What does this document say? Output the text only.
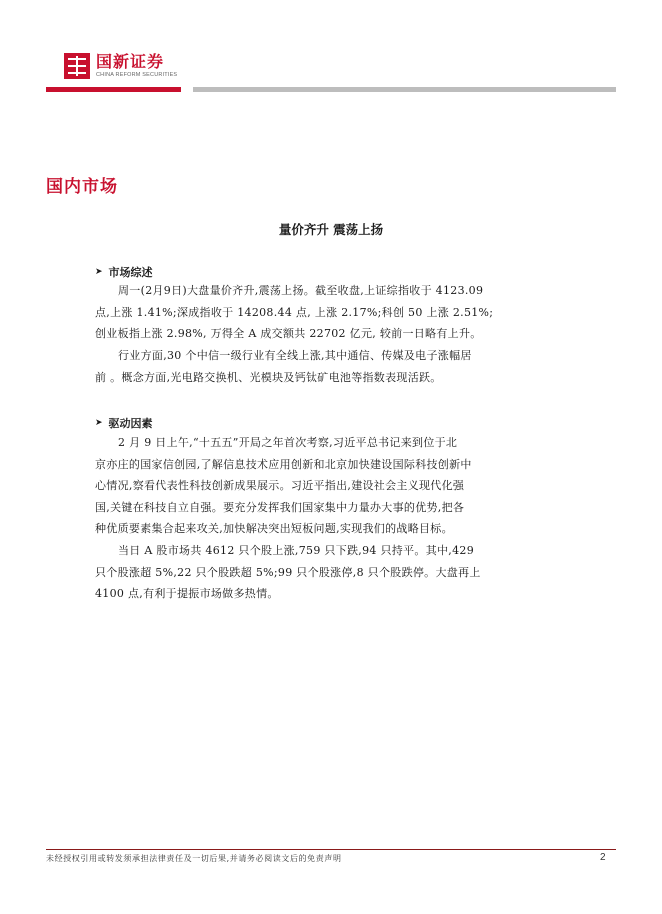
国新证券
CHINA REFORM SECURITIES
国内市场
量价齐升 震荡上扬
➤ 市场综述
周一(2月9日)大盘量价齐升,震荡上扬。截至收盘,上证综指收于 4123.09
点,上涨 1.41%;深成指收于 14208.44 点, 上涨 2.17%;科创 50 上涨 2.51%;
创业板指上涨 2.98%, 万得全 A 成交额共 22702 亿元, 较前一日略有上升。
行业方面,30 个中信一级行业有全线上涨,其中通信、传媒及电子涨幅居
前 。概念方面,光电路交换机、光模块及钙钛矿电池等指数表现活跃。
➤ 驱动因素
2 月 9 日上午,“十五五”开局之年首次考察,习近平总书记来到位于北
京亦庄的国家信创园,了解信息技术应用创新和北京加快建设国际科技创新中
心情况,察看代表性科技创新成果展示。习近平指出,建设社会主义现代化强
国,关键在科技自立自强。要充分发挥我们国家集中力量办大事的优势,把各
种优质要素集合起来攻关,加快解决突出短板问题,实现我们的战略目标。
当日 A 股市场共 4612 只个股上涨,759 只下跌,94 只持平。其中,429
只个股涨超 5%,22 只个股跌超 5%;99 只个股涨停,8 只个股跌停。大盘再上
4100 点,有利于提振市场做多热情。
未经授权引用或转发须承担法律责任及一切后果,并请务必阅读文后的免责声明	2
